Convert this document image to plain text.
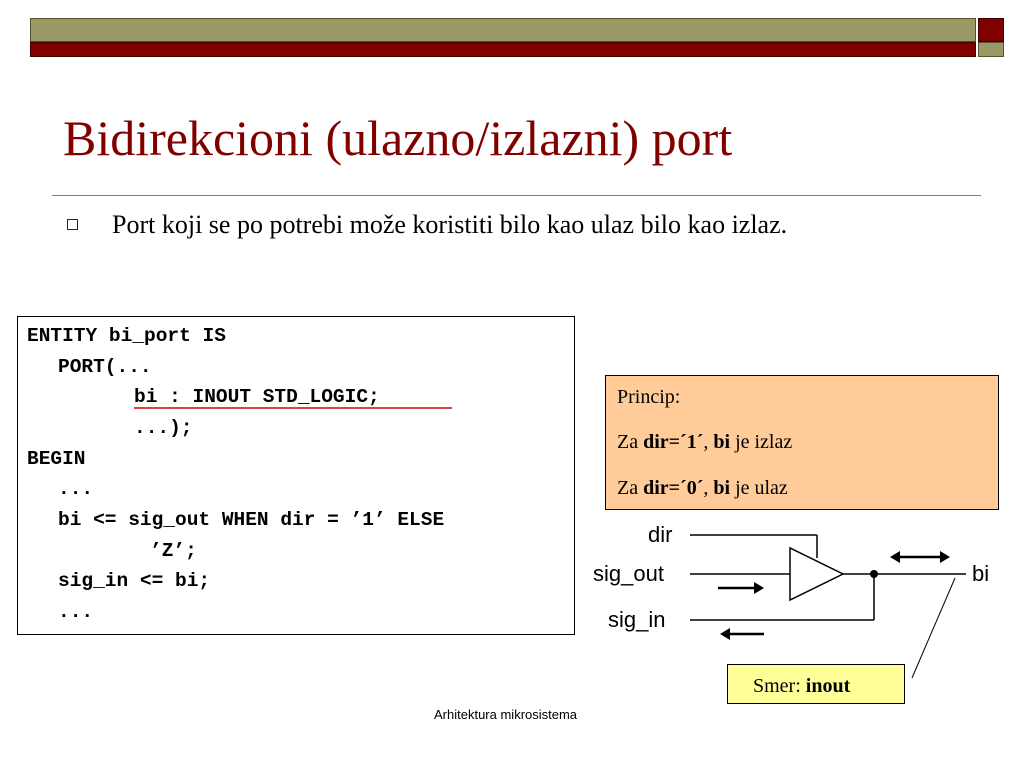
Bidirekcioni (ulazno/izlazni) port
Port koji se po potrebi može koristiti bilo kao ulaz bilo kao izlaz.
ENTITY bi_port IS
PORT(...
bi : INOUT STD_LOGIC;
...);
BEGIN
...
bi <= sig_out WHEN dir = ’1’ ELSE
’Z’;
sig_in <= bi;
...
Princip:
Za dir=´1´, bi je izlaz
Za dir=´0´, bi je ulaz
dir
sig_out
sig_in
bi
Smer: inout
Arhitektura mikrosistema
